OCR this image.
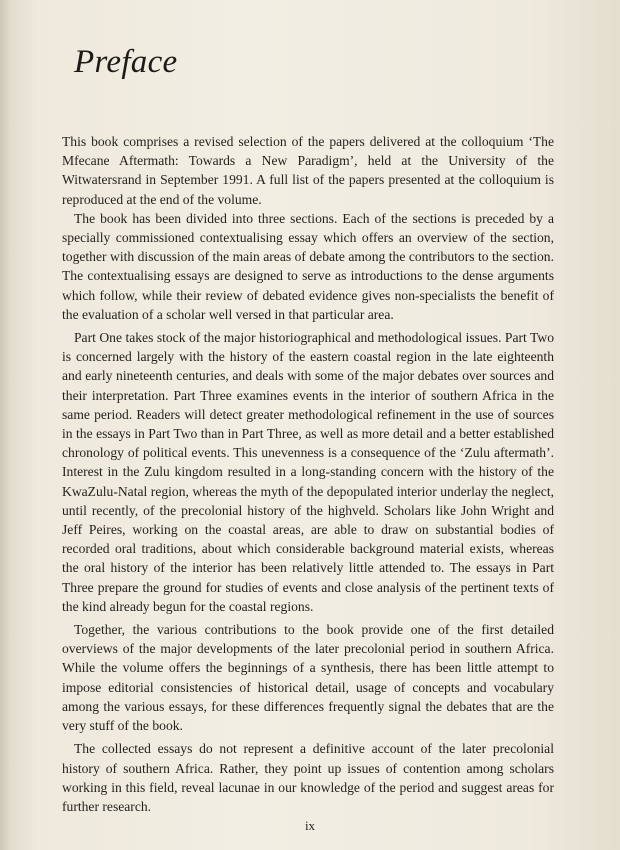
Preface

This book comprises a revised selection of the papers delivered at the colloquium ‘The Mfecane Aftermath: Towards a New Paradigm’, held at the University of the Witwatersrand in September 1991. A full list of the papers presented at the colloquium is reproduced at the end of the volume.

The book has been divided into three sections. Each of the sections is preceded by a specially commissioned contextualising essay which offers an overview of the section, together with discussion of the main areas of debate among the contributors to the section. The contextualising essays are designed to serve as introductions to the dense arguments which follow, while their review of debated evidence gives non-specialists the benefit of the evaluation of a scholar well versed in that particular area.

Part One takes stock of the major historiographical and methodological issues. Part Two is concerned largely with the history of the eastern coastal region in the late eighteenth and early nineteenth centuries, and deals with some of the major debates over sources and their interpretation. Part Three examines events in the interior of southern Africa in the same period. Readers will detect greater methodological refinement in the use of sources in the essays in Part Two than in Part Three, as well as more detail and a better established chronology of political events. This unevenness is a consequence of the ‘Zulu aftermath’. Interest in the Zulu kingdom resulted in a long-standing concern with the history of the KwaZulu-Natal region, whereas the myth of the depopulated interior underlay the neglect, until recently, of the precolonial history of the highveld. Scholars like John Wright and Jeff Peires, working on the coastal areas, are able to draw on substantial bodies of recorded oral traditions, about which considerable background material exists, whereas the oral history of the interior has been relatively little attended to. The essays in Part Three prepare the ground for studies of events and close analysis of the pertinent texts of the kind already begun for the coastal regions.

Together, the various contributions to the book provide one of the first detailed overviews of the major developments of the later precolonial period in southern Africa. While the volume offers the beginnings of a synthesis, there has been little attempt to impose editorial consistencies of historical detail, usage of concepts and vocabulary among the various essays, for these differences frequently signal the debates that are the very stuff of the book.

The collected essays do not represent a definitive account of the later precolonial history of southern Africa. Rather, they point up issues of contention among scholars working in this field, reveal lacunae in our knowledge of the period and suggest areas for further research.

ix
